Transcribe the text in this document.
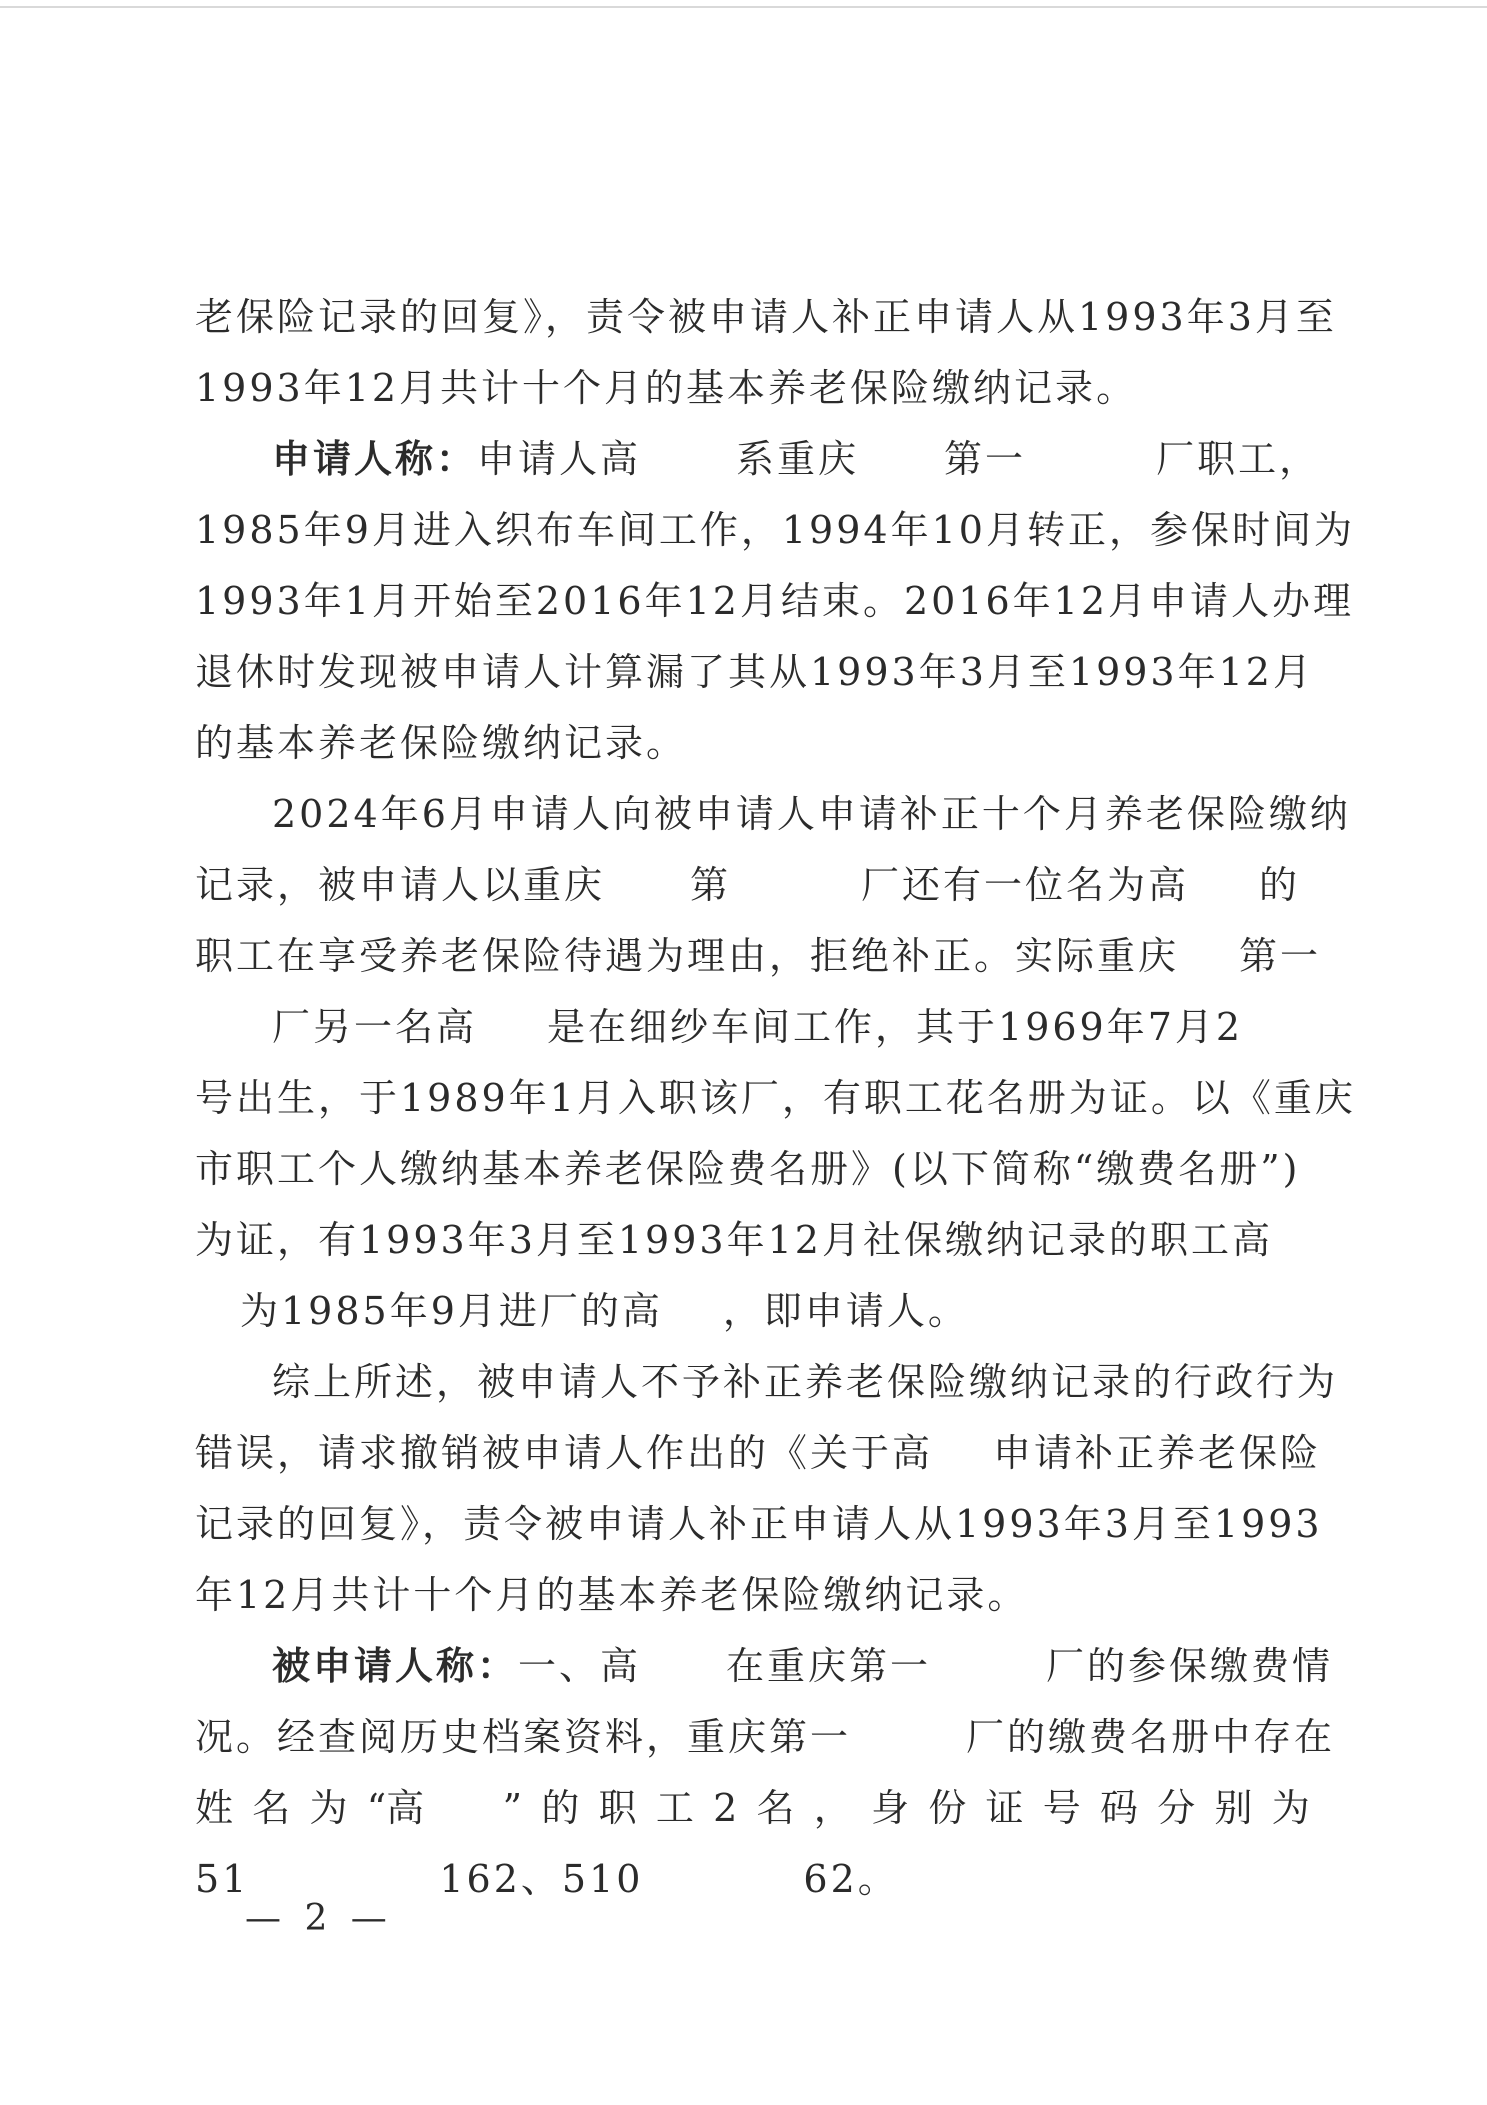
老保险记录的回复》，责令被申请人补正申请人从1993年3月至
1993年12月共计十个月的基本养老保险缴纳记录。
申请人称：申请人高	系重庆 第一	厂职工，
1985年9月进入织布车间工作，1994年10月转正，参保时间为
1993年1月开始至2016年12月结束。2016年12月申请人办理
退休时发现被申请人计算漏了其从1993年3月至1993年12月
的基本养老保险缴纳记录。
2024年6月申请人向被申请人申请补正十个月养老保险缴纳
记录，被申请人以重庆 第	厂还有一位名为高 的
职工在享受养老保险待遇为理由，拒绝补正。实际重庆 第一
厂另一名高 是在细纱车间工作，其于1969年7月2
号出生，于1989年1月入职该厂，有职工花名册为证。以《重庆
市职工个人缴纳基本养老保险费名册》(以下简称“缴费名册”)
为证，有1993年3月至1993年12月社保缴纳记录的职工高
为1985年9月进厂的高 ，即申请人。
综上所述，被申请人不予补正养老保险缴纳记录的行政行为
错误，请求撤销被申请人作出的《关于高 申请补正养老保险
记录的回复》，责令被申请人补正申请人从1993年3月至1993
年12月共计十个月的基本养老保险缴纳记录。
被申请人称：一、高 在重庆第一	厂的参保缴费情
况。经查阅历史档案资料，重庆第一	厂的缴费名册中存在
姓 名 为 “高 ” 的 职 工 2 名 ， 身 份 证 号 码 分 别 为
51	162、510	62。
— 2 —
